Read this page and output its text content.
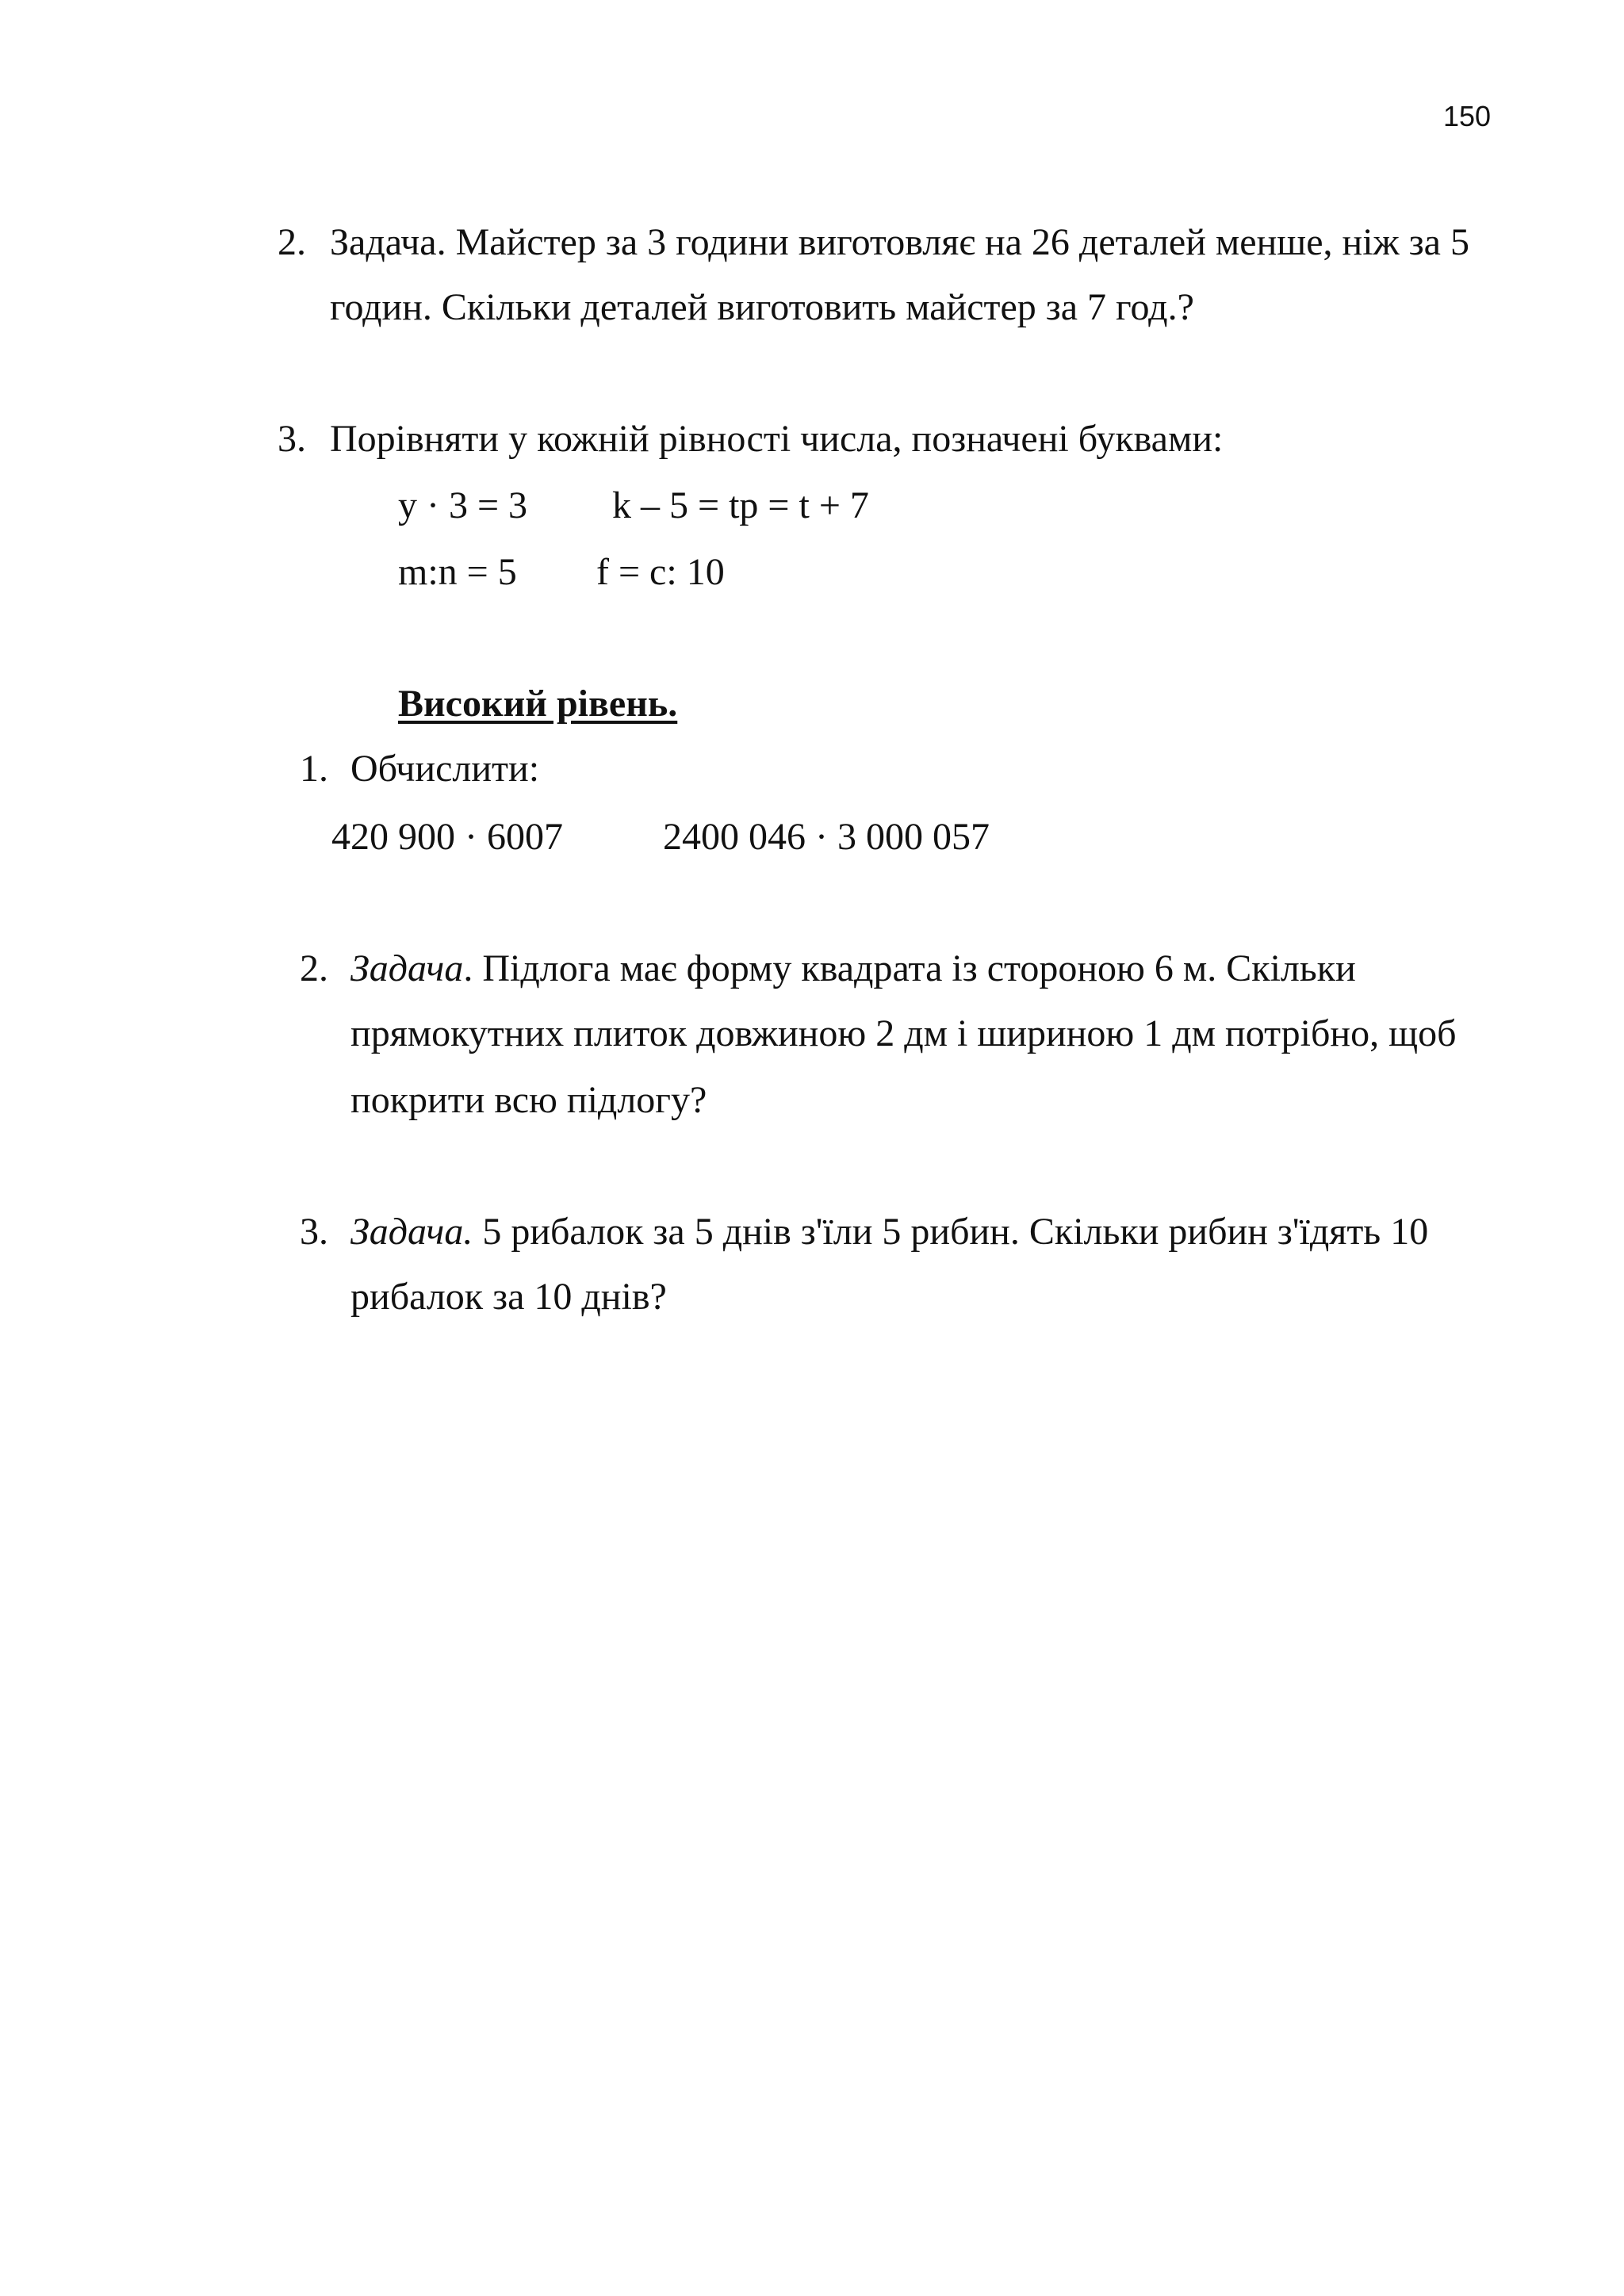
150
2. Задача. Майстер за 3 години виготовляє на 26 деталей менше, ніж за 5
годин. Скільки деталей виготовить майстер за 7 год.?
3. Порівняти у кожній рівності числа, позначені буквами:
y · 3 = 3 k – 5 = tp = t + 7
m:n = 5 f = c: 10
Високий рівень.
1. Обчислити:
420 900 · 6007	2400 046 · 3 000 057
2. Задача. Підлога має форму квадрата із стороною 6 м. Скільки
прямокутних плиток довжиною 2 дм і шириною 1 дм потрібно, щоб
покрити всю підлогу?
3. Задача. 5 рибалок за 5 днів з'їли 5 рибин. Скільки рибин з'їдять 10
рибалок за 10 днів?
